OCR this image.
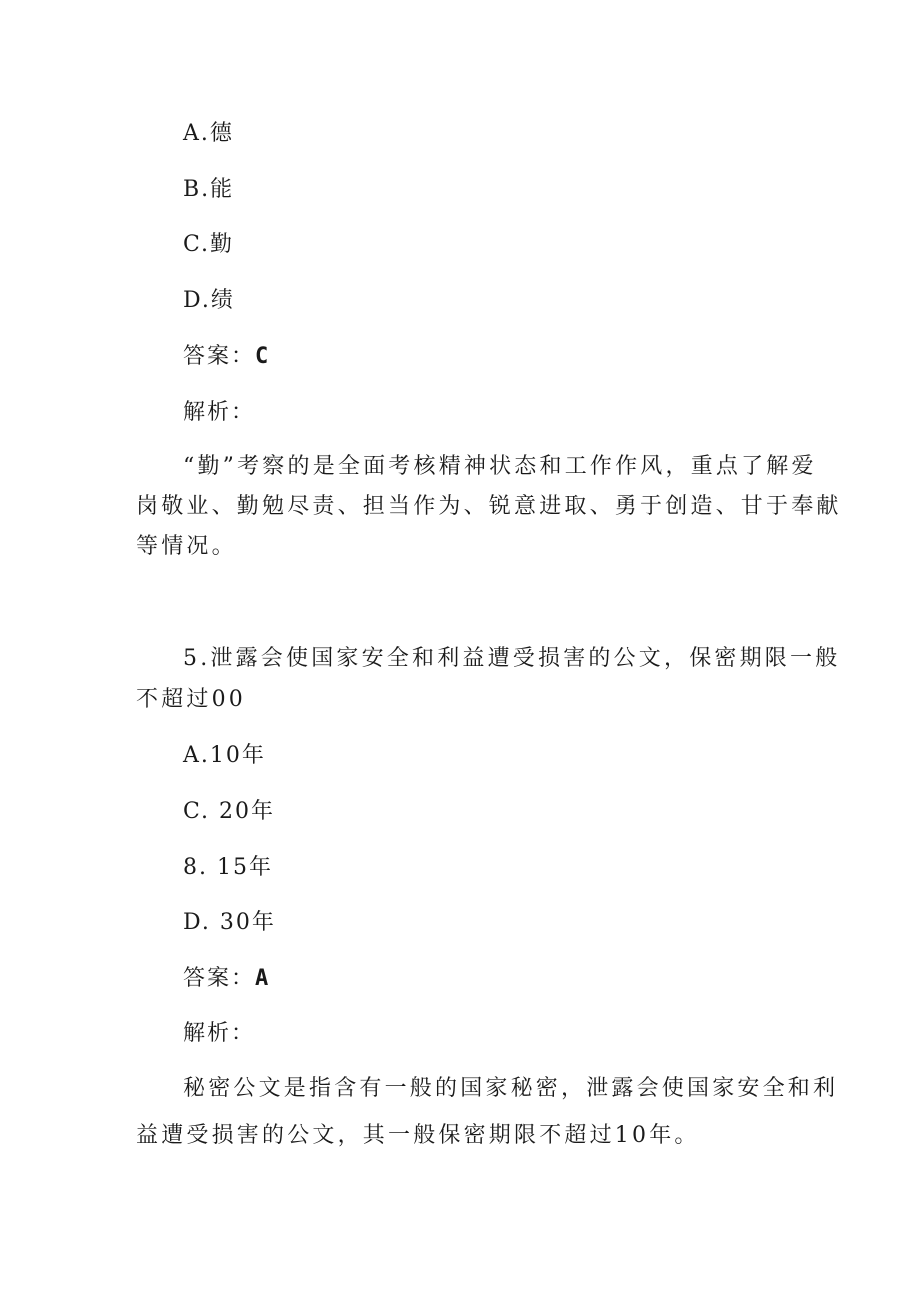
A.德
B.能
C.勤
D.绩
答案：C
解析：
“勤”考察的是全面考核精神状态和工作作风，重点了解爱
岗敬业、勤勉尽责、担当作为、锐意进取、勇于创造、甘于奉献
等情况。
5.泄露会使国家安全和利益遭受损害的公文，保密期限一般
不超过00
A.10年
C. 20年
8. 15年
D. 30年
答案：A
解析：
秘密公文是指含有一般的国家秘密，泄露会使国家安全和利
益遭受损害的公文，其一般保密期限不超过10年。
